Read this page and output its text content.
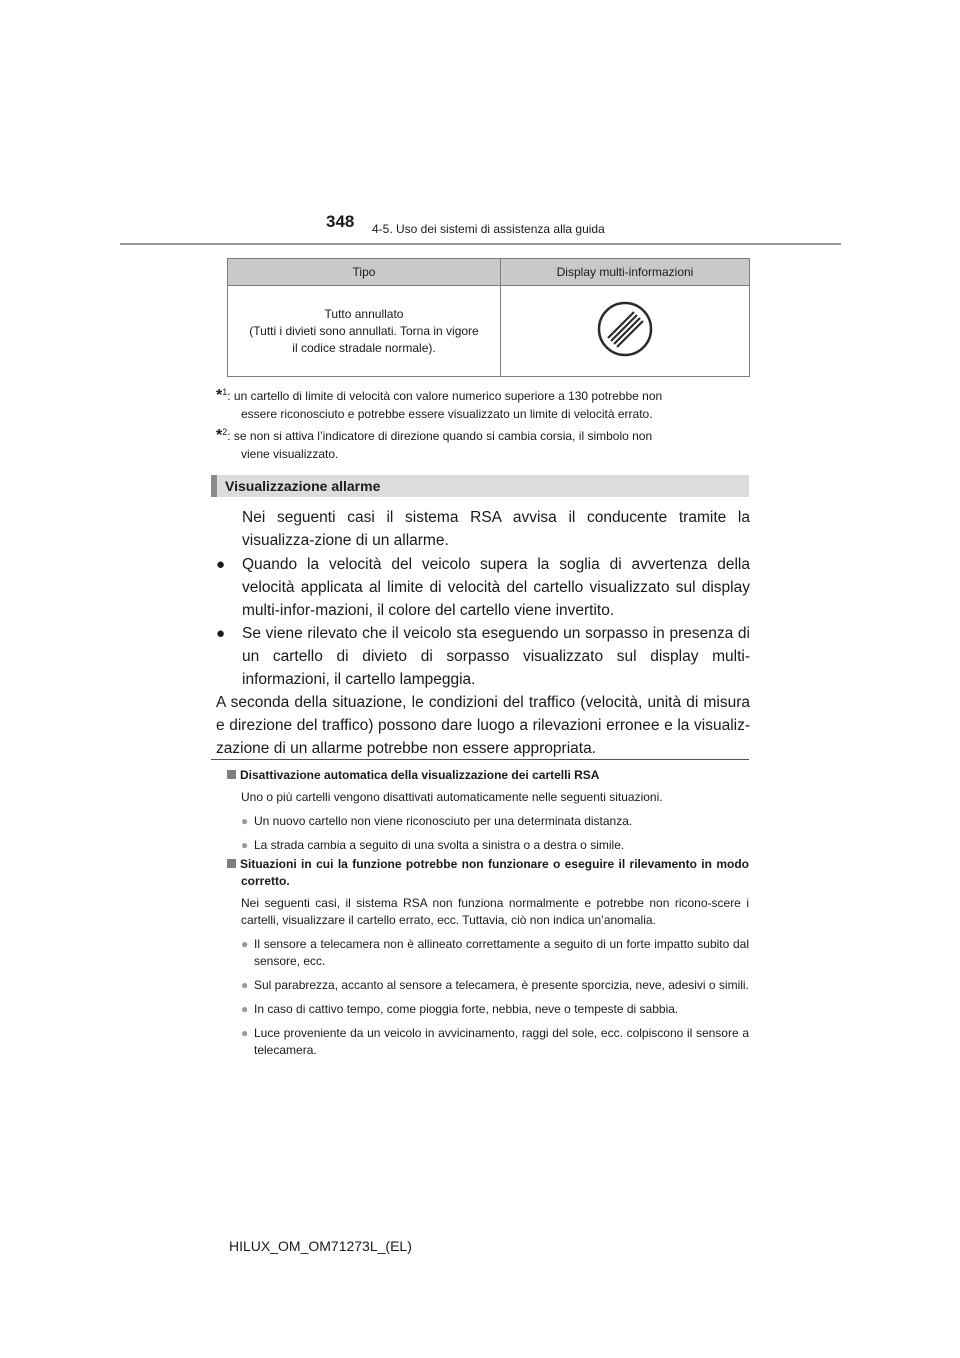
348 4-5. Uso dei sistemi di assistenza alla guida
Tipo	Display multi-informazioni

Tutto annullato
(Tutti i divieti sono annullati. Torna in vigore
il codice stradale normale).

*$^1$: un cartello di limite di velocità con valore numerico superiore a 130 potrebbe non
essere riconosciuto e potrebbe essere visualizzato un limite di velocità errato.
*$^2$: se non si attiva l’indicatore di direzione quando si cambia corsia, il simbolo non
viene visualizzato.
Visualizzazione allarme
Nei seguenti casi il sistema RSA avvisa il conducente tramite la visualizza-zione di un allarme.
●	Quando la velocità del veicolo supera la soglia di avvertenza della velocità applicata al limite di velocità del cartello visualizzato sul display multi-infor-mazioni, il colore del cartello viene invertito.
●	Se viene rilevato che il veicolo sta eseguendo un sorpasso in presenza di un cartello di divieto di sorpasso visualizzato sul display multi-informazioni, il cartello lampeggia.
A seconda della situazione, le condizioni del traffico (velocità, unità di misura e direzione del traffico) possono dare luogo a rilevazioni erronee e la visualiz-zazione di un allarme potrebbe non essere appropriata.
Disattivazione automatica della visualizzazione dei cartelli RSA
Uno o più cartelli vengono disattivati automaticamente nelle seguenti situazioni.
● Un nuovo cartello non viene riconosciuto per una determinata distanza.
● La strada cambia a seguito di una svolta a sinistra o a destra o simile.
Situazioni in cui la funzione potrebbe non funzionare o eseguire il rilevamento in modo corretto.
Nei seguenti casi, il sistema RSA non funziona normalmente e potrebbe non ricono-scere i cartelli, visualizzare il cartello errato, ecc. Tuttavia, ciò non indica un’anomalia.
● Il sensore a telecamera non è allineato correttamente a seguito di un forte impatto subito dal sensore, ecc.
● Sul parabrezza, accanto al sensore a telecamera, è presente sporcizia, neve, adesivi o simili.
● In caso di cattivo tempo, come pioggia forte, nebbia, neve o tempeste di sabbia.
● Luce proveniente da un veicolo in avvicinamento, raggi del sole, ecc. colpiscono il sensore a telecamera.
HILUX_OM_OM71273L_(EL)
